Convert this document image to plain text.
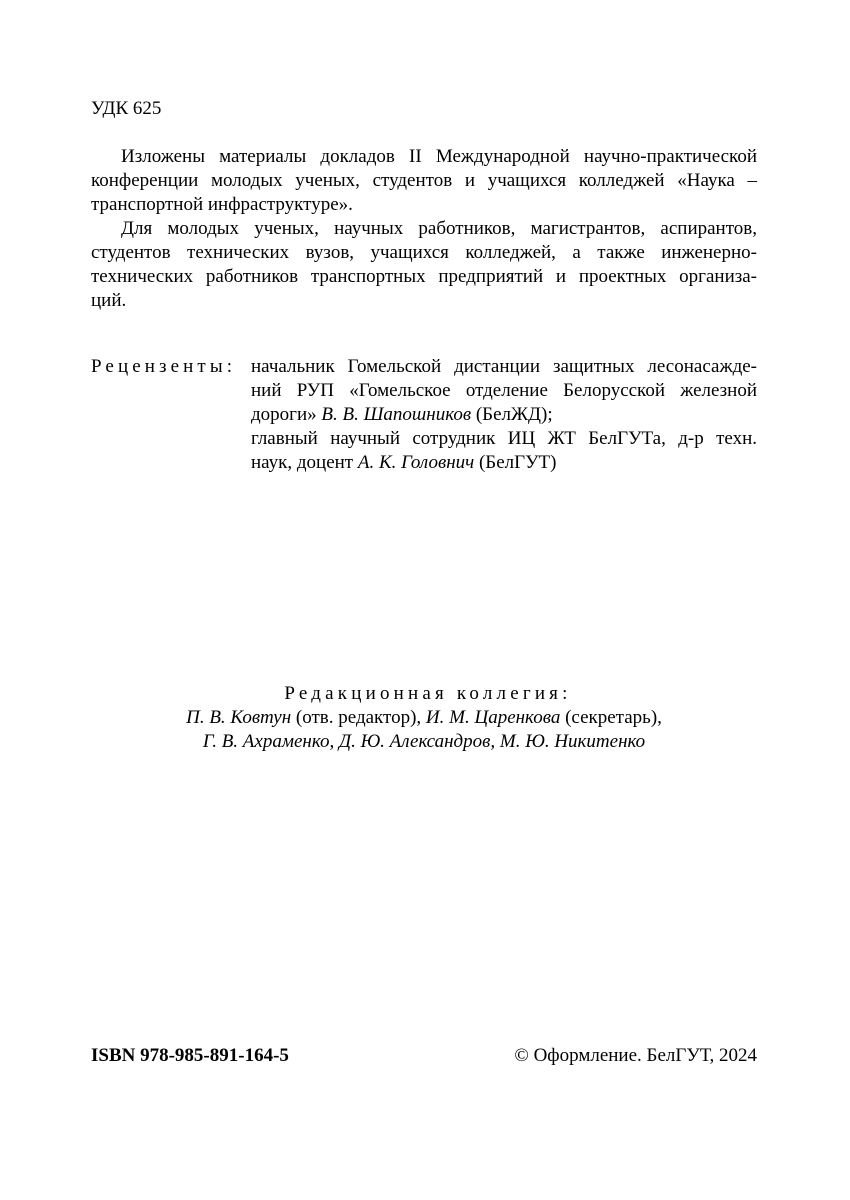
УДК 625
Изложены материалы докладов II Международной научно-практической
конференции молодых ученых, студентов и учащихся колледжей «Наука –
транспортной инфраструктуре».
Для молодых ученых, научных работников, магистрантов, аспирантов,
студентов технических вузов, учащихся колледжей, а также инженерно-
технических работников транспортных предприятий и проектных организа-
ций.
Рецензенты: начальник Гомельской дистанции защитных лесонасажде-
ний РУП «Гомельское отделение Белорусской железной
дороги» В. В. Шапошников (БелЖД);
главный научный сотрудник ИЦ ЖТ БелГУТа, д-р техн.
наук, доцент А. К. Головнич (БелГУТ)
Редакционная коллегия:
П. В. Ковтун (отв. редактор), И. М. Царенкова (секретарь),
Г. В. Ахраменко, Д. Ю. Александров, М. Ю. Никитенко
ISBN 978-985-891-164-5	© Оформление. БелГУТ, 2024
